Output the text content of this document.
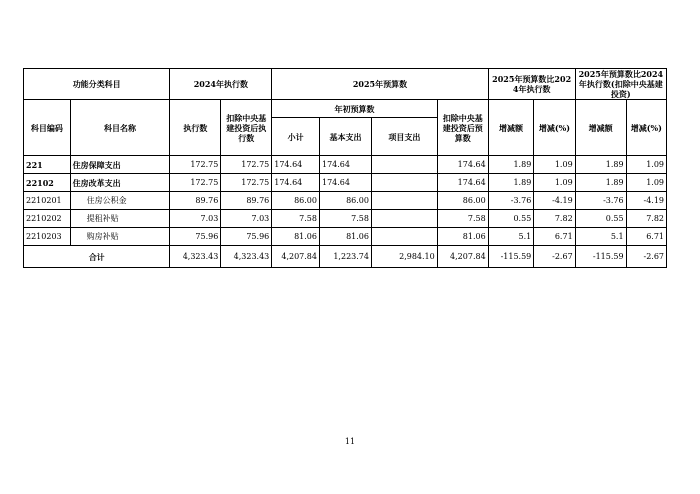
功能分类科目		2024年执行数		2025年预算数				2025年预算数比2024年执行数		2025年预算数比2024年执行数(扣除中央基建投资)	
科目编码	科目名称	执行数	扣除中央基建投资后执行数	年初预算数			扣除中央基建投资后预算数	增减额	增减(%)	增减额	增减(%)
				小计	基本支出	项目支出					
221	住房保障支出	172.75	172.75	174.64	174.64		174.64	1.89	1.09	1.89	1.09
22102	住房改革支出	172.75	172.75	174.64	174.64		174.64	1.89	1.09	1.89	1.09
2210201	住房公积金	89.76	89.76	86.00	86.00		86.00	-3.76	-4.19	-3.76	-4.19
2210202	提租补贴	7.03	7.03	7.58	7.58		7.58	0.55	7.82	0.55	7.82
2210203	购房补贴	75.96	75.96	81.06	81.06		81.06	5.1	6.71	5.1	6.71
合计		4,323.43	4,323.43	4,207.84	1,223.74	2,984.10	4,207.84	-115.59	-2.67	-115.59	-2.67
11
